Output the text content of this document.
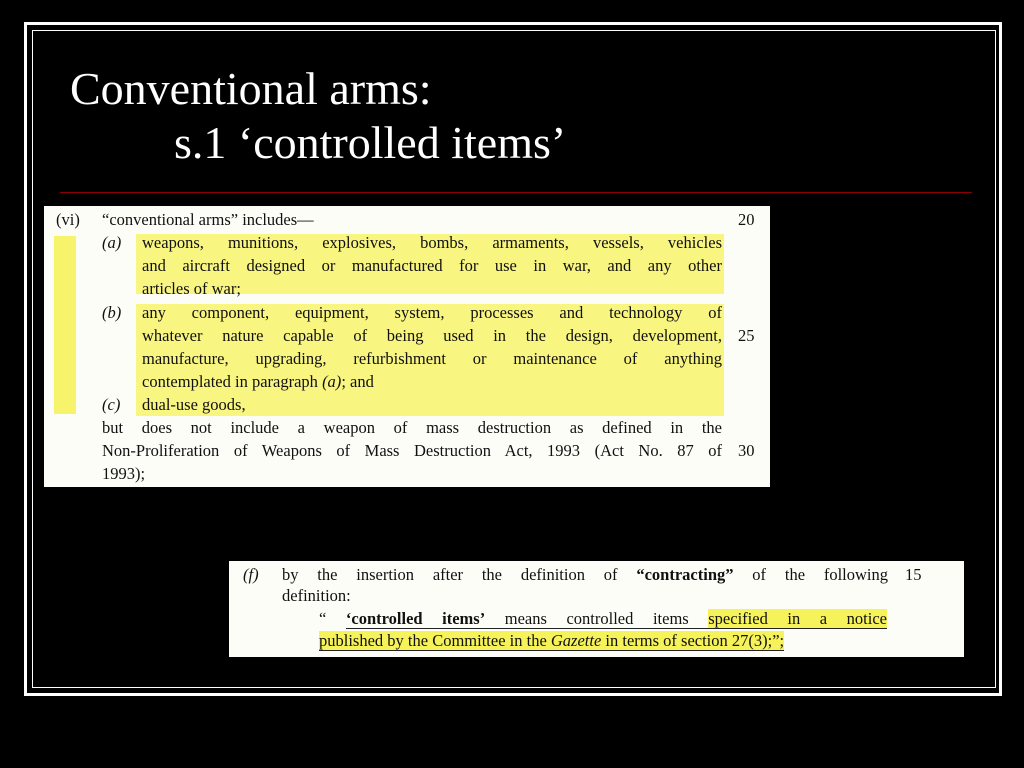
Conventional arms:
s.1 ‘controlled items’
(vi) “conventional arms” includes—
(a) weapons, munitions, explosives, bombs, armaments, vessels, vehicles
and aircraft designed or manufactured for use in war, and any other
articles of war;
(b) any component, equipment, system, processes and technology of
whatever nature capable of being used in the design, development,
manufacture, upgrading, refurbishment or maintenance of anything
contemplated in paragraph (a); and
(c) dual-use goods,
but does not include a weapon of mass destruction as defined in the
Non-Proliferation of Weapons of Mass Destruction Act, 1993 (Act No. 87 of
1993);
20
25
30
(f) by the insertion after the definition of “contracting” of the following 15
definition:
“ ‘controlled items’ means controlled items specified in a notice
published by the Committee in the Gazette in terms of section 27(3);”;
